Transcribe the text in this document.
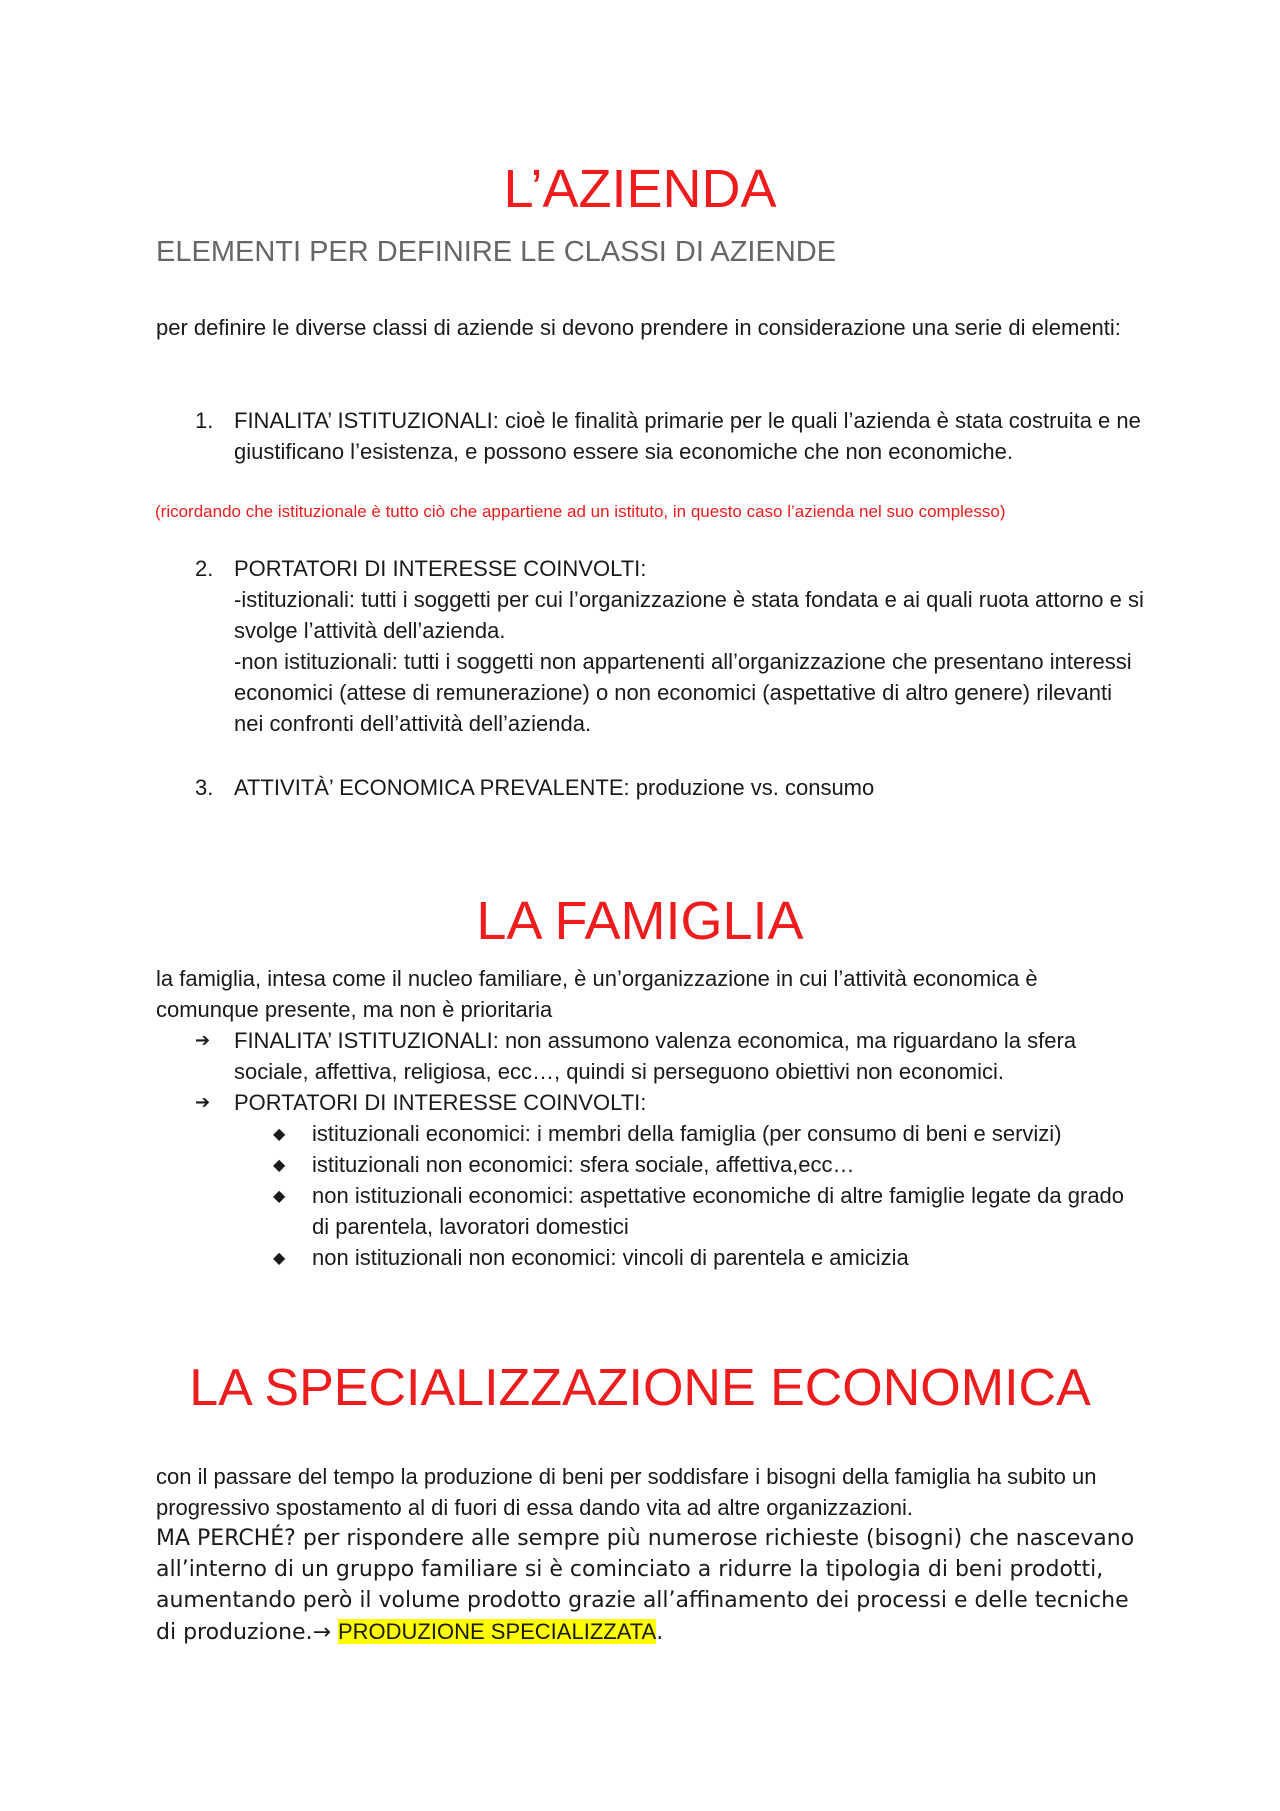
L’AZIENDA
ELEMENTI PER DEFINIRE LE CLASSI DI AZIENDE

per definire le diverse classi di aziende si devono prendere in considerazione una serie di elementi:

1. FINALITA’ ISTITUZIONALI: cioè le finalità primarie per le quali l’azienda è stata costruita e ne giustificano l’esistenza, e possono essere sia economiche che non economiche.
(ricordando che istituzionale è tutto ciò che appartiene ad un istituto, in questo caso l’azienda nel suo complesso)
2. PORTATORI DI INTERESSE COINVOLTI:
-istituzionali: tutti i soggetti per cui l’organizzazione è stata fondata e ai quali ruota attorno e si svolge l’attività dell’azienda.
-non istituzionali: tutti i soggetti non appartenenti all’organizzazione che presentano interessi economici (attese di remunerazione) o non economici (aspettative di altro genere) rilevanti nei confronti dell’attività dell’azienda.
3. ATTIVITÀ’ ECONOMICA PREVALENTE: produzione vs. consumo
LA FAMIGLIA

la famiglia, intesa come il nucleo familiare, è un’organizzazione in cui l’attività economica è comunque presente, ma non è prioritaria

➔ FINALITA’ ISTITUZIONALI: non assumono valenza economica, ma riguardano la sfera sociale, affettiva, religiosa, ecc…, quindi si perseguono obiettivi non economici.
➔ PORTATORI DI INTERESSE COINVOLTI:
◆ istituzionali economici: i membri della famiglia (per consumo di beni e servizi)
◆ istituzionali non economici: sfera sociale, affettiva,ecc…
◆ non istituzionali economici: aspettative economiche di altre famiglie legate da grado di parentela, lavoratori domestici
◆ non istituzionali non economici: vincoli di parentela e amicizia
LA SPECIALIZZAZIONE ECONOMICA

con il passare del tempo la produzione di beni per soddisfare i bisogni della famiglia ha subito un progressivo spostamento al di fuori di essa dando vita ad altre organizzazioni.

MA PERCHÉ? per rispondere alle sempre più numerose richieste (bisogni) che nascevano all’interno di un gruppo familiare si è cominciato a ridurre la tipologia di beni prodotti, aumentando però il volume prodotto grazie all’affinamento dei processi e delle tecniche di produzione.→ PRODUZIONE SPECIALIZZATA.
